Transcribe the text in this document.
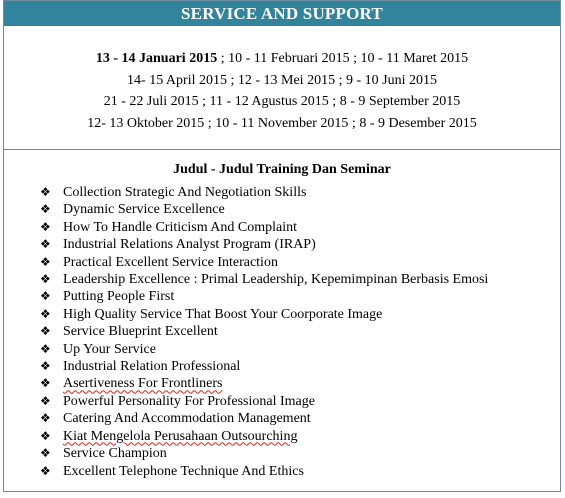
SERVICE AND SUPPORT
13 - 14 Januari 2015 ; 10 - 11 Februari 2015 ; 10 - 11 Maret 2015
14- 15 April 2015 ; 12 - 13 Mei 2015 ; 9 - 10 Juni 2015
21 - 22 Juli 2015 ; 11 - 12 Agustus 2015 ; 8 - 9 September 2015
12- 13 Oktober 2015 ; 10 - 11 November 2015 ; 8 - 9 Desember 2015
Judul - Judul Training Dan Seminar
❖ Collection Strategic And Negotiation Skills
❖ Dynamic Service Excellence
❖ How To Handle Criticism And Complaint
❖ Industrial Relations Analyst Program (IRAP)
❖ Practical Excellent Service Interaction
❖ Leadership Excellence : Primal Leadership, Kepemimpinan Berbasis Emosi
❖ Putting People First
❖ High Quality Service That Boost Your Coorporate Image
❖ Service Blueprint Excellent
❖ Up Your Service
❖ Industrial Relation Professional
❖ Asertiveness For Frontliners
❖ Powerful Personality For Professional Image
❖ Catering And Accommodation Management
❖ Kiat Mengelola Perusahaan Outsourching
❖ Service Champion
❖ Excellent Telephone Technique And Ethics
